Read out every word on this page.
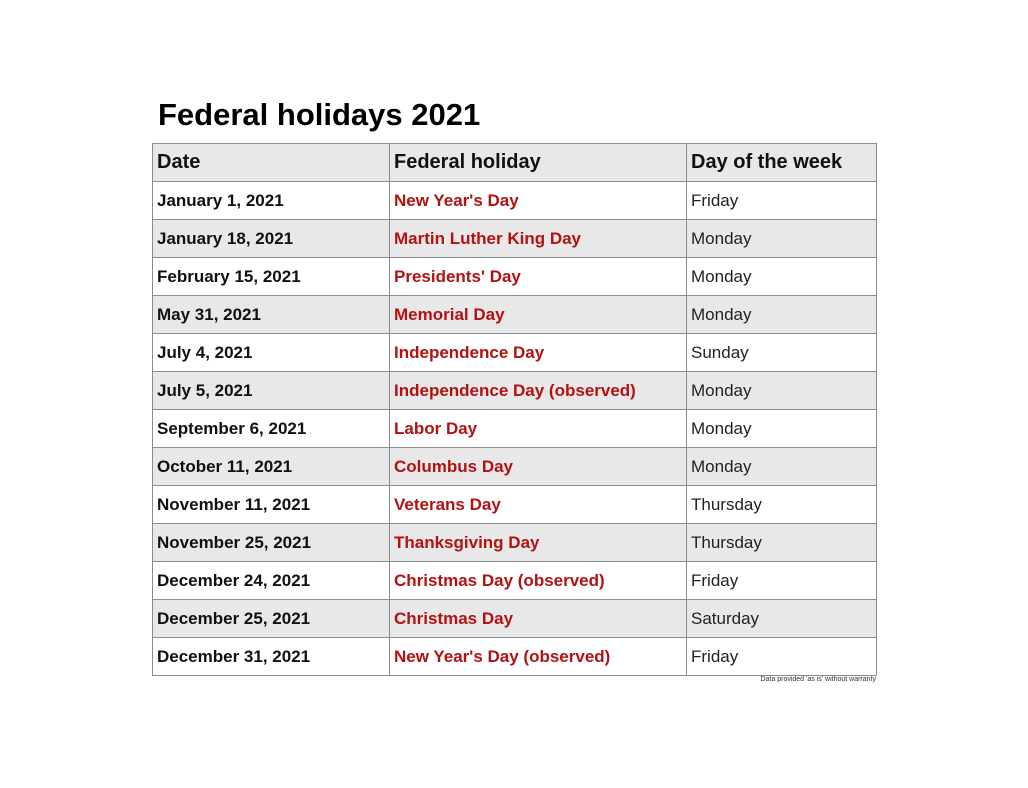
Federal holidays 2021
Date	Federal holiday	Day of the week
January 1, 2021	New Year's Day	Friday
January 18, 2021	Martin Luther King Day	Monday
February 15, 2021	Presidents' Day	Monday
May 31, 2021	Memorial Day	Monday
July 4, 2021	Independence Day	Sunday
July 5, 2021	Independence Day (observed)	Monday
September 6, 2021	Labor Day	Monday
October 11, 2021	Columbus Day	Monday
November 11, 2021	Veterans Day	Thursday
November 25, 2021	Thanksgiving Day	Thursday
December 24, 2021	Christmas Day (observed)	Friday
December 25, 2021	Christmas Day	Saturday
December 31, 2021	New Year's Day (observed)	Friday
Data provided 'as is' without warranty
